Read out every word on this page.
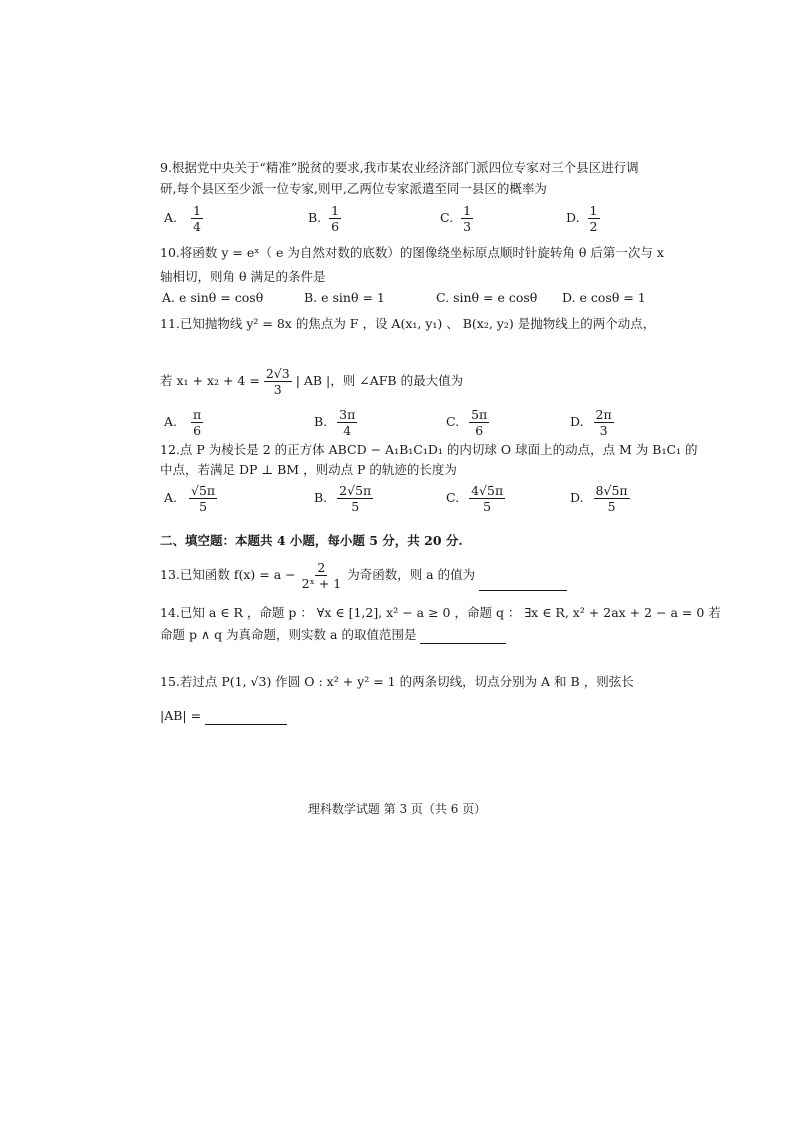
9.根据党中央关于“精准”脱贫的要求,我市某农业经济部门派四位专家对三个县区进行调
研,每个县区至少派一位专家,则甲,乙两位专家派遣至同一县区的概率为
A. $\frac{1}{4}$	B. $\frac{1}{6}$	C. $\frac{1}{3}$	D. $\frac{1}{2}$
10.将函数 y = eˣ（ e 为自然对数的底数）的图像绕坐标原点顺时针旋转角 θ 后第一次与 x
轴相切，则角 θ 满足的条件是
A. e sinθ = cosθ	B. e sinθ = 1	C. sinθ = e cosθ D. e cosθ = 1
11.已知抛物线 y² = 8x 的焦点为 F ，设 A(x₁, y₁) 、 B(x₂, y₂) 是抛物线上的两个动点，
若 $x_1 + x_2 + 4 = \frac{2√3}{3}$ | AB |，则 ∠AFB 的最大值为
A. $\frac{\pi}{6}$	B. $\frac{3\pi}{4}$	C. $\frac{5\pi}{6}$	D. $\frac{2\pi}{3}$
12.点 P 为棱长是 2 的正方体 ABCD − A₁B₁C₁D₁ 的内切球 O 球面上的动点，点 M 为 B₁C₁ 的
中点，若满足 DP ⊥ BM ，则动点 P 的轨迹的长度为
A. $\frac{√5\pi}{5}$	B. $\frac{2√5\pi}{5}$	C. $\frac{4√5\pi}{5}$	D. $\frac{8√5\pi}{5}$
二、填空题：本题共 4 小题，每小题 5 分，共 20 分.
13.已知函数 $f(x) = a - \frac{2}{\text{2ˣ + 1}}$ 为奇函数，则 a 的值为
14.已知 a ∈ R ，命题 p ： ∀x ∈ [1,2], x² − a ≥ 0 ，命题 q ： ∃x ∈ R, x² + 2ax + 2 − a = 0 若
命题 p ∧ q 为真命题，则实数 a 的取值范围是
15.若过点 P(1, √3) 作圆 O : x² + y² = 1 的两条切线，切点分别为 A 和 B ，则弦长
|AB| =
理科数学试题 第 3 页（共 6 页）
